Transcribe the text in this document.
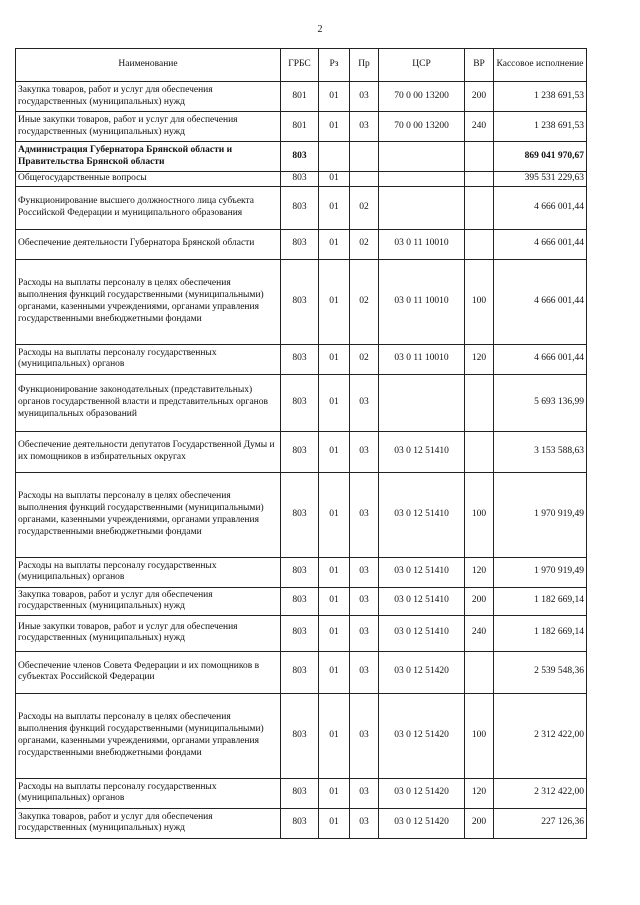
2
Наименование	ГРБС	Рз	Пр	ЦСР	ВР	Кассовое исполнение
Закупка товаров, работ и услуг для обеспечения государственных (муниципальных) нужд	801	01	03	70 0 00 13200	200	1 238 691,53
Иные закупки товаров, работ и услуг для обеспечения государственных (муниципальных) нужд	801	01	03	70 0 00 13200	240	1 238 691,53
Администрация Губернатора Брянской области и Правительства Брянской области	803					869 041 970,67
Общегосударственные вопросы	803	01				395 531 229,63
Функционирование высшего должностного лица субъекта Российской Федерации и муниципального образования	803	01	02			4 666 001,44
Обеспечение деятельности Губернатора Брянской области	803	01	02	03 0 11 10010		4 666 001,44
Расходы на выплаты персоналу в целях обеспечения выполнения функций государственными (муниципальными) органами, казенными учреждениями, органами управления государственными внебюджетными фондами	803	01	02	03 0 11 10010	100	4 666 001,44
Расходы на выплаты персоналу государственных (муниципальных) органов	803	01	02	03 0 11 10010	120	4 666 001,44
Функционирование законодательных (представительных) органов государственной власти и представительных органов муниципальных образований	803	01	03			5 693 136,99
Обеспечение деятельности депутатов Государственной Думы и их помощников в избирательных округах	803	01	03	03 0 12 51410		3 153 588,63
Расходы на выплаты персоналу в целях обеспечения выполнения функций государственными (муниципальными) органами, казенными учреждениями, органами управления государственными внебюджетными фондами	803	01	03	03 0 12 51410	100	1 970 919,49
Расходы на выплаты персоналу государственных (муниципальных) органов	803	01	03	03 0 12 51410	120	1 970 919,49
Закупка товаров, работ и услуг для обеспечения государственных (муниципальных) нужд	803	01	03	03 0 12 51410	200	1 182 669,14
Иные закупки товаров, работ и услуг для обеспечения государственных (муниципальных) нужд	803	01	03	03 0 12 51410	240	1 182 669,14
Обеспечение членов Совета Федерации и их помощников в субъектах Российской Федерации	803	01	03	03 0 12 51420		2 539 548,36
Расходы на выплаты персоналу в целях обеспечения выполнения функций государственными (муниципальными) органами, казенными учреждениями, органами управления государственными внебюджетными фондами	803	01	03	03 0 12 51420	100	2 312 422,00
Расходы на выплаты персоналу государственных (муниципальных) органов	803	01	03	03 0 12 51420	120	2 312 422,00
Закупка товаров, работ и услуг для обеспечения государственных (муниципальных) нужд	803	01	03	03 0 12 51420	200	227 126,36
